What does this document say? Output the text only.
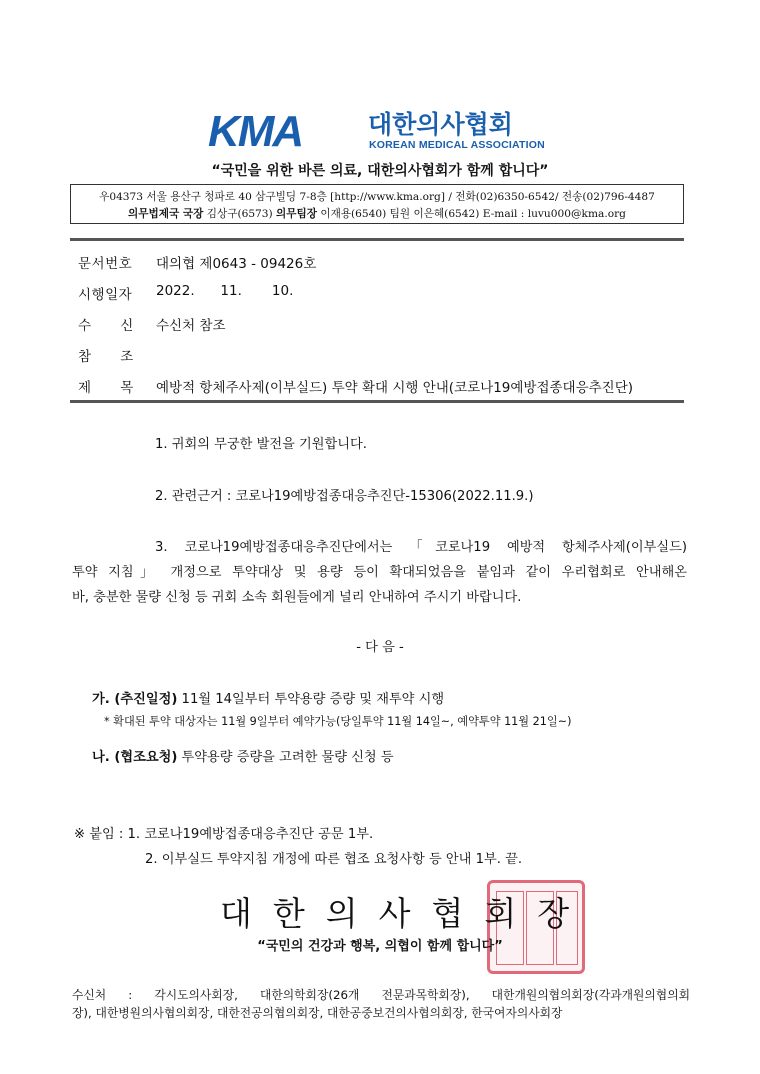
KMA	대한의사협회
KOREAN MEDICAL ASSOCIATION
“국민을 위한 바른 의료, 대한의사협회가 함께 합니다”
우04373 서울 용산구 청파로 40 삼구빌딩 7-8층 [http://www.kma.org] / 전화(02)6350-6542/ 전송(02)796-4487
의무법제국 국장 김상구(6573) 의무팀장 이재용(6540) 팀원 이은혜(6542) E-mail : luvu000@kma.org
문서번호 대의협 제0643 - 09426호
시행일자 2022.      11.       10.
수      신 수신처 참조
참      조
제      목 예방적 항체주사제(이부실드) 투약 확대 시행 안내(코로나19예방접종대응추진단)
1. 귀회의 무궁한 발전을 기원합니다.
2. 관련근거 : 코로나19예방접종대응추진단-15306(2022.11.9.)
3. 코로나19예방접종대응추진단에서는 「코로나19 예방적 항체주사제(이부실드)
투약 지침」 개정으로 투약대상 및 용량 등이 확대되었음을 붙임과 같이 우리협회로 안내해온
바, 충분한 물량 신청 등 귀회 소속 회원들에게 널리 안내하여 주시기 바랍니다.
- 다 음 -
가. (추진일정) 11월 14일부터 투약용량 증량 및 재투약 시행
* 확대된 투약 대상자는 11월 9일부터 예약가능(당일투약 11월 14일~, 예약투약 11월 21일~)
나. (협조요청) 투약용량 증량을 고려한 물량 신청 등
※ 붙임 : 1. 코로나19예방접종대응추진단 공문 1부.
2. 이부실드 투약지침 개정에 따른 협조 요청사항 등 안내 1부. 끝.
대한의사협회장
“국민의 건강과 행복, 의협이 함께 합니다”
수신처 : 각시도의사회장, 대한의학회장(26개 전문과목학회장), 대한개원의협의회장(각과개원의협의회
장), 대한병원의사협의회장, 대한전공의협의회장, 대한공중보건의사협의회장, 한국여자의사회장
